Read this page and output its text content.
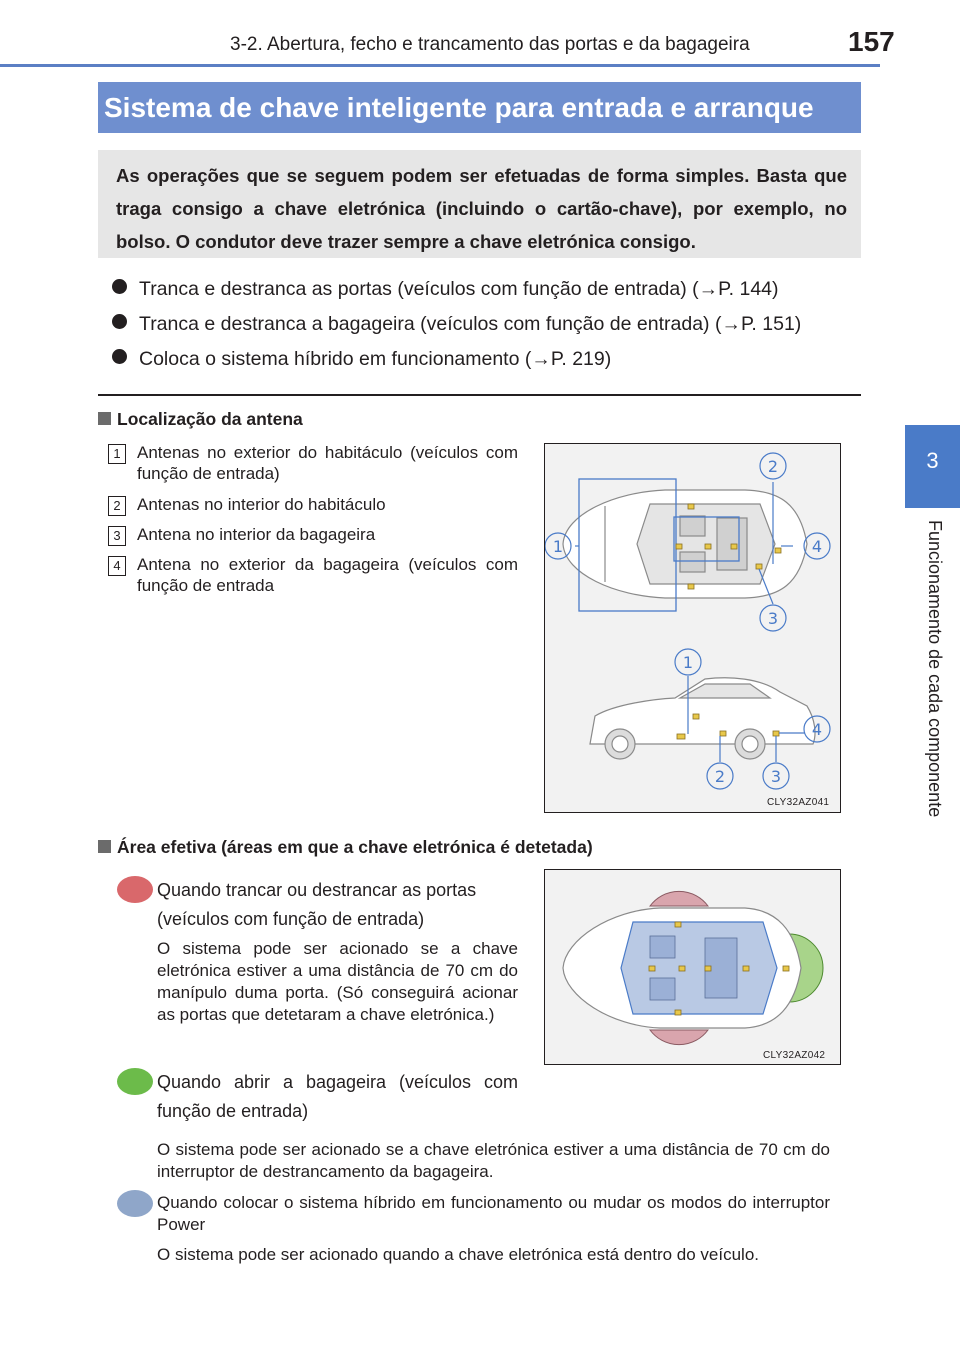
3-2. Abertura, fecho e trancamento das portas e da bagageira	157
3
Funcionamento de cada componente
Sistema de chave inteligente para entrada e arranque
As operações que se seguem podem ser efetuadas de forma simples. Basta que traga consigo a chave eletrónica (incluindo o cartão-chave), por exemplo, no bolso. O condutor deve trazer sempre a chave eletrónica consigo.
Tranca e destranca as portas (veículos com função de entrada) (→P. 144)
Tranca e destranca a bagageira (veículos com função de entrada) (→P. 151)
Coloca o sistema híbrido em funcionamento (→P. 219)
Localização da antena
1 Antenas no exterior do habitáculo (veículos com função de entrada)
2 Antenas no interior do habitáculo
3 Antena no interior da bagageira
4 Antena no exterior da bagageira (veículos com função de entrada
2
1	4
3
1
4
2	3
CLY32AZ041
Área efetiva (áreas em que a chave eletrónica é detetada)
Quando trancar ou destrancar as portas (veículos com função de entrada)
O sistema pode ser acionado se a chave eletrónica estiver a uma distância de 70 cm do manípulo duma porta. (Só conseguirá acionar as portas que detetaram a chave eletrónica.)
Quando abrir a bagageira (veículos com função de entrada)
O sistema pode ser acionado se a chave eletrónica estiver a uma distância de 70 cm do interruptor de destrancamento da bagageira.
Quando colocar o sistema híbrido em funcionamento ou mudar os modos do interruptor Power
O sistema pode ser acionado quando a chave eletrónica está dentro do veículo.
CLY32AZ042
